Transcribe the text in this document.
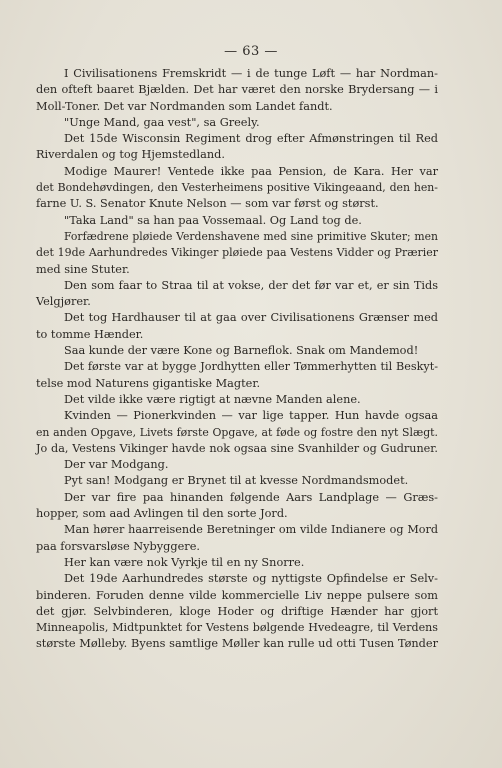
— 63 —
I Civilisationens Fremskridt — i de tunge Løft — har Nordman-
den ofteft baaret Bjælden. Det har været den norske Brydersang — i
Moll-Toner. Det var Nordmanden som Landet fandt.
"Unge Mand, gaa vest", sa Greely.
Det 15de Wisconsin Regiment drog efter Afmønstringen til Red
Riverdalen og tog Hjemstedland.
Modige Maurer! Ventede ikke paa Pension, de Kara. Her var
det Bondehøvdingen, den Vesterheimens positive Vikingeaand, den hen-
farne U. S. Senator Knute Nelson — som var først og størst.
"Taka Land" sa han paa Vossemaal. Og Land tog de.
Forfædrene pløiede Verdenshavene med sine primitive Skuter; men
det 19de Aarhundredes Vikinger pløiede paa Vestens Vidder og Prærier
med sine Stuter.
Den som faar to Straa til at vokse, der det før var et, er sin Tids
Velgjører.
Det tog Hardhauser til at gaa over Civilisationens Grænser med
to tomme Hænder.
Saa kunde der være Kone og Barneflok. Snak om Mandemod!
Det første var at bygge Jordhytten eller Tømmerhytten til Beskyt-
telse mod Naturens gigantiske Magter.
Det vilde ikke være rigtigt at nævne Manden alene.
Kvinden — Pionerkvinden — var lige tapper. Hun havde ogsaa
en anden Opgave, Livets første Opgave, at føde og fostre den nyt Slægt.
Jo da, Vestens Vikinger havde nok ogsaa sine Svanhilder og Gudruner.
Der var Modgang.
Pyt san! Modgang er Brynet til at kvesse Nordmandsmodet.
Der var fire paa hinanden følgende Aars Landplage — Græs-
hopper, som aad Avlingen til den sorte Jord.
Man hører haarreisende Beretninger om vilde Indianere og Mord
paa forsvarsløse Nybyggere.
Her kan være nok Vyrkje til en ny Snorre.
Det 19de Aarhundredes største og nyttigste Opfindelse er Selv-
binderen. Foruden denne vilde kommercielle Liv neppe pulsere som
det gjør. Selvbinderen, kloge Hoder og driftige Hænder har gjort
Minneapolis, Midtpunktet for Vestens bølgende Hvedeagre, til Verdens
største Mølleby. Byens samtlige Møller kan rulle ud otti Tusen Tønder
